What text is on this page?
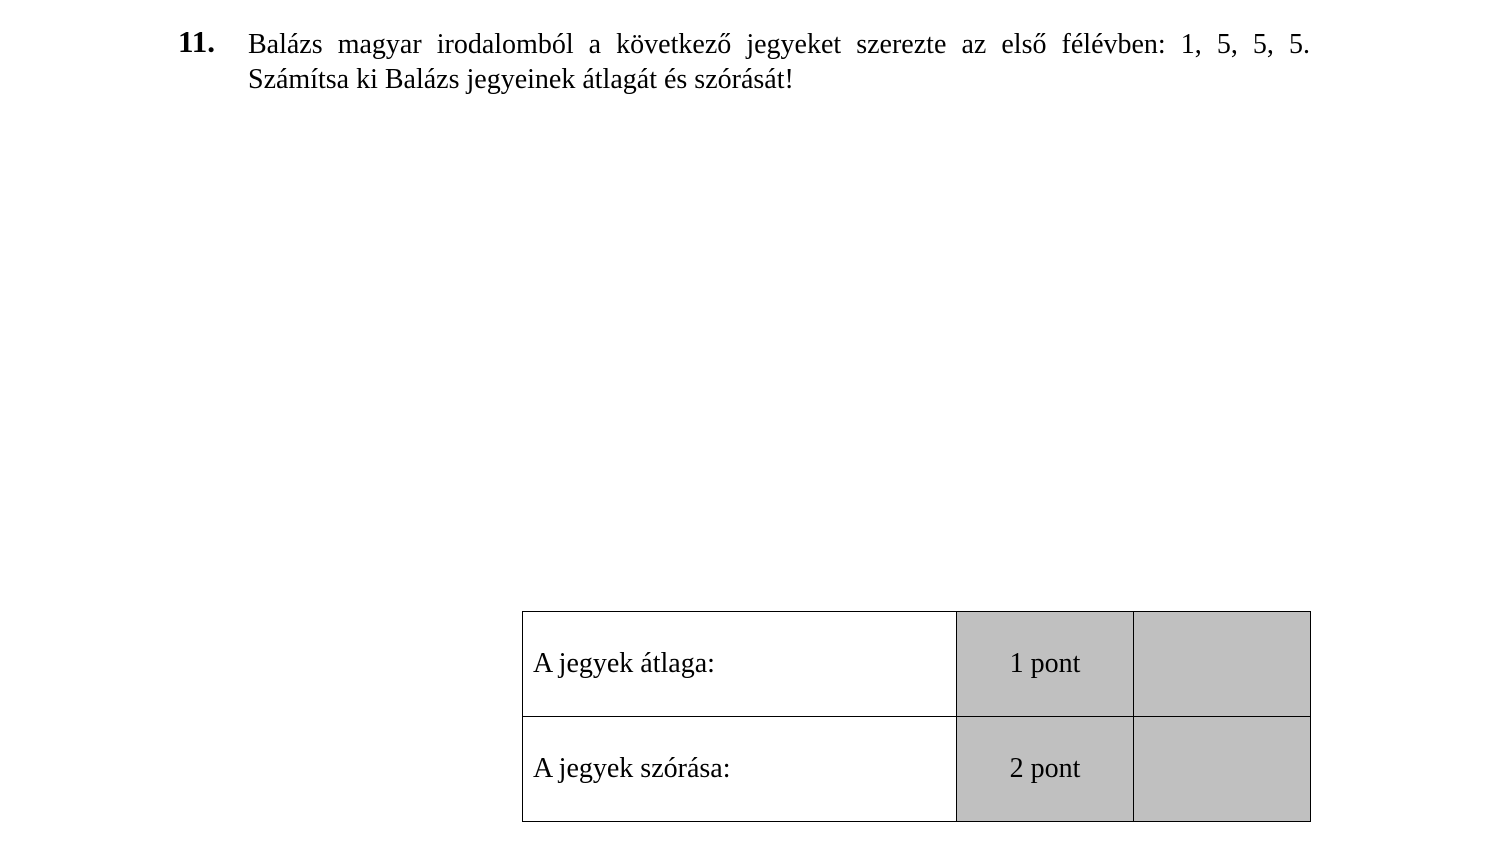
11. Balázs magyar irodalomból a következő jegyeket szerezte az első félévben: 1, 5, 5, 5.
Számítsa ki Balázs jegyeinek átlagát és szórását!
A jegyek átlaga:	1 pont	
A jegyek szórása:	2 pont	
